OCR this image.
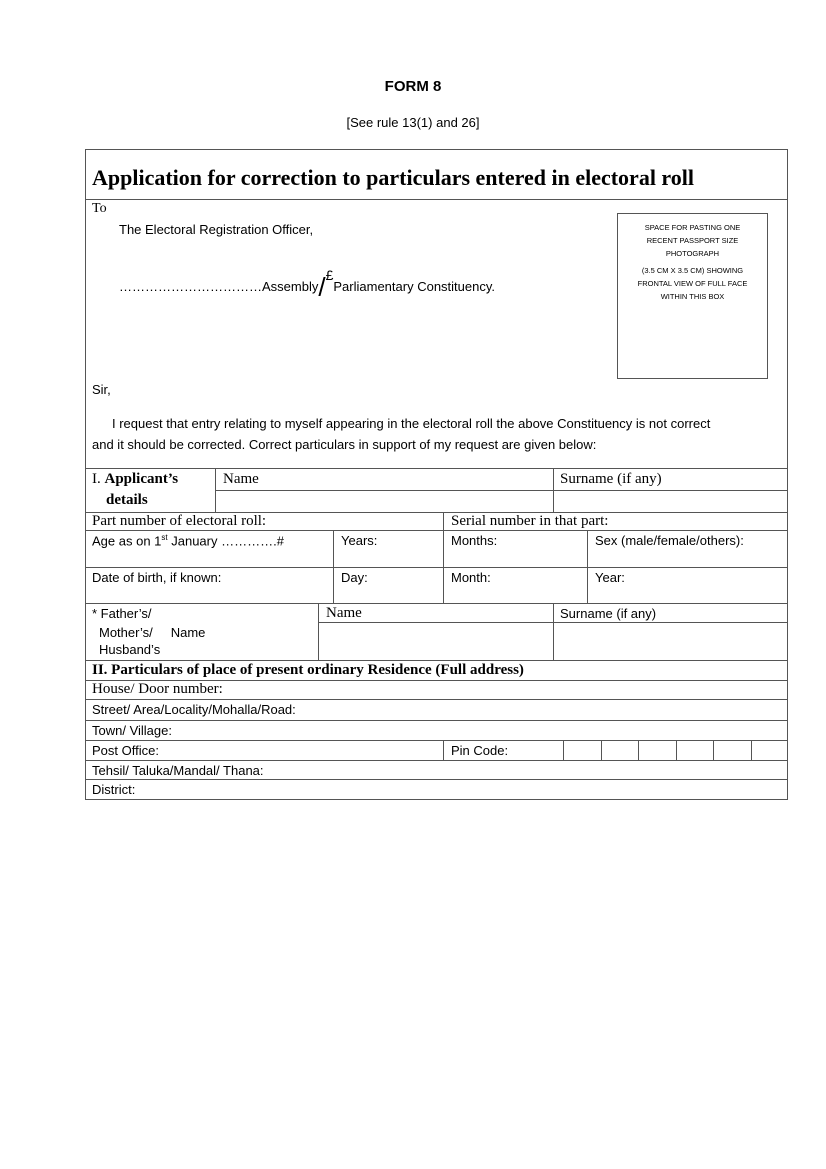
FORM 8
[See rule 13(1) and 26]
Application for correction to particulars entered in electoral roll
To
The Electoral Registration Officer,
……………………………Assembly/£Parliamentary Constituency.
SPACE FOR PASTING ONE
RECENT PASSPORT SIZE
PHOTOGRAPH
(3.5 CM X 3.5 CM) SHOWING
FRONTAL VIEW OF FULL FACE
WITHIN THIS BOX
Sir,
I request that entry relating to myself appearing in the electoral roll the above Constituency is not correct
and it should be corrected. Correct particulars in support of my request are given below:
I. Applicant’s
details
Name	Surname (if any)
Part number of electoral roll:	Serial number in that part:
Age as on 1st January ………….#	Years:	Months:	Sex (male/female/others):
Date of birth, if known:	Day:	Month:	Year:
* Father’s/
Mother’s/ Name
Husband’s
Name	Surname (if any)
II. Particulars of place of present ordinary Residence (Full address)
House/ Door number:
Street/ Area/Locality/Mohalla/Road:
Town/ Village:
Post Office:	Pin Code:
Tehsil/ Taluka/Mandal/ Thana:
District:
